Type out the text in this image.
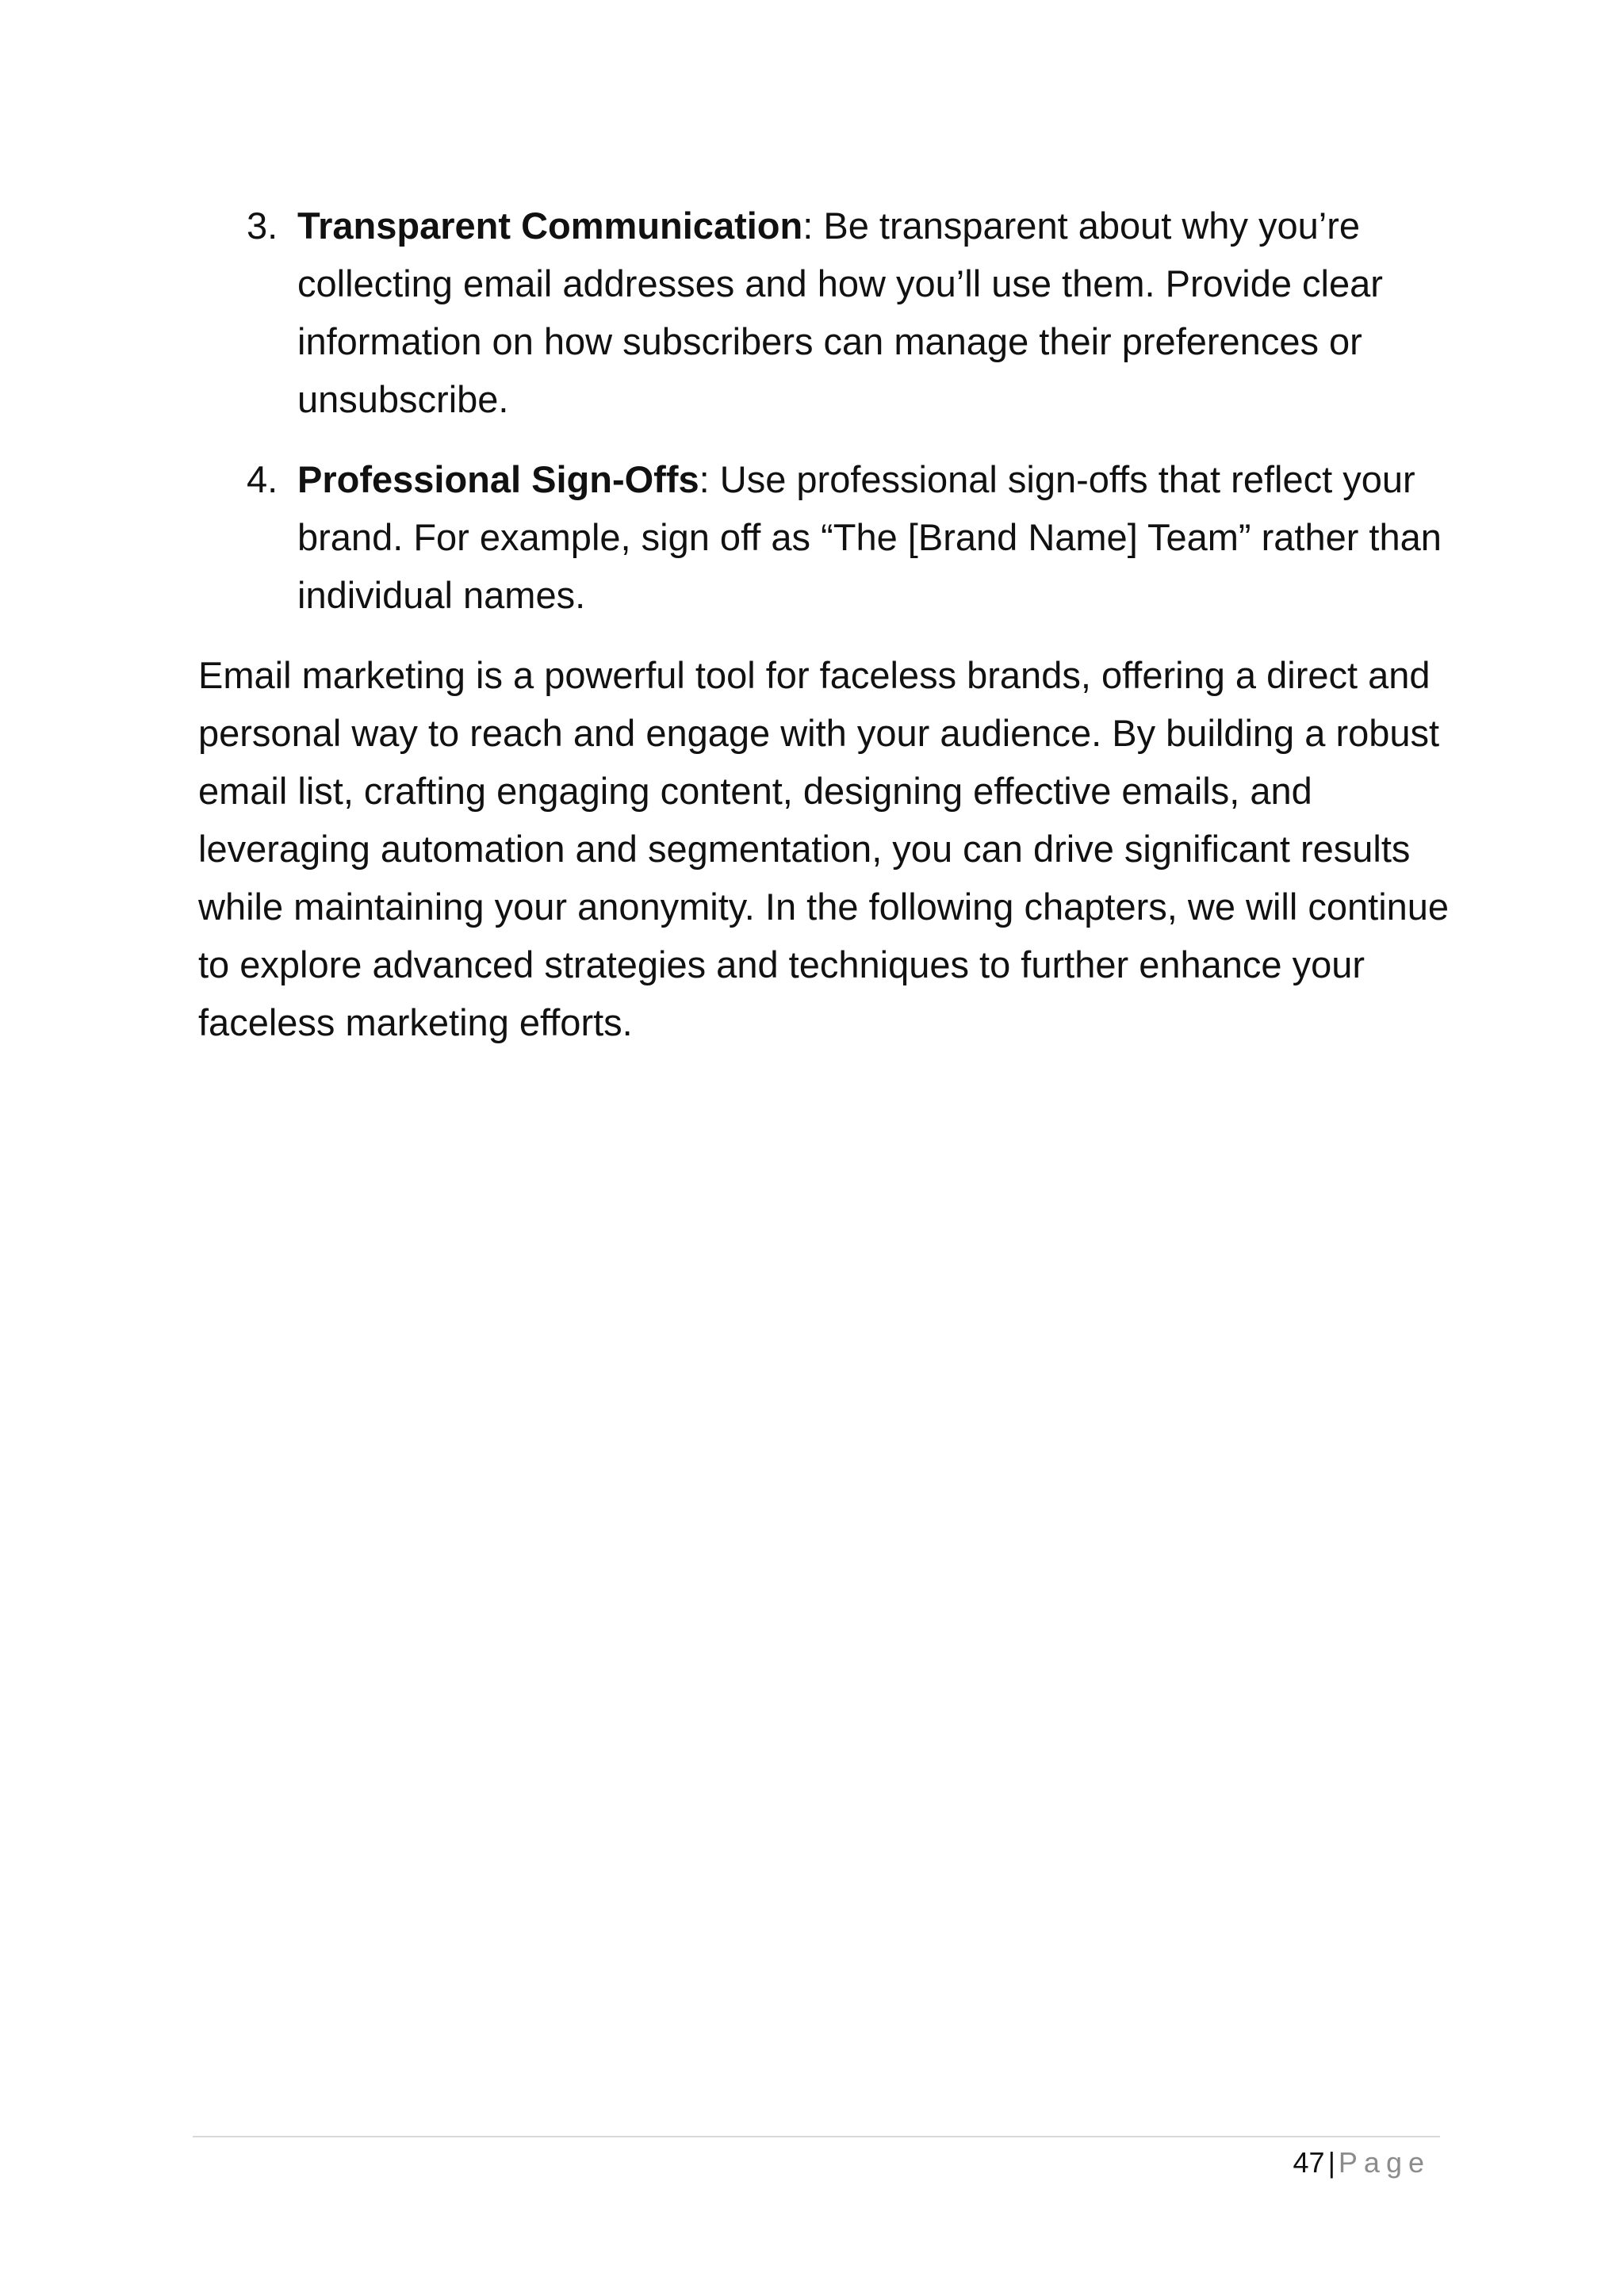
3. Transparent Communication: Be transparent about why you’re collecting email addresses and how you’ll use them. Provide clear information on how subscribers can manage their preferences or unsubscribe.
4. Professional Sign-Offs: Use professional sign-offs that reflect your brand. For example, sign off as “The [Brand Name] Team” rather than individual names.

Email marketing is a powerful tool for faceless brands, offering a direct and personal way to reach and engage with your audience. By building a robust email list, crafting engaging content, designing effective emails, and leveraging automation and segmentation, you can drive significant results while maintaining your anonymity. In the following chapters, we will continue to explore advanced strategies and techniques to further enhance your faceless marketing efforts.

47 | Page
